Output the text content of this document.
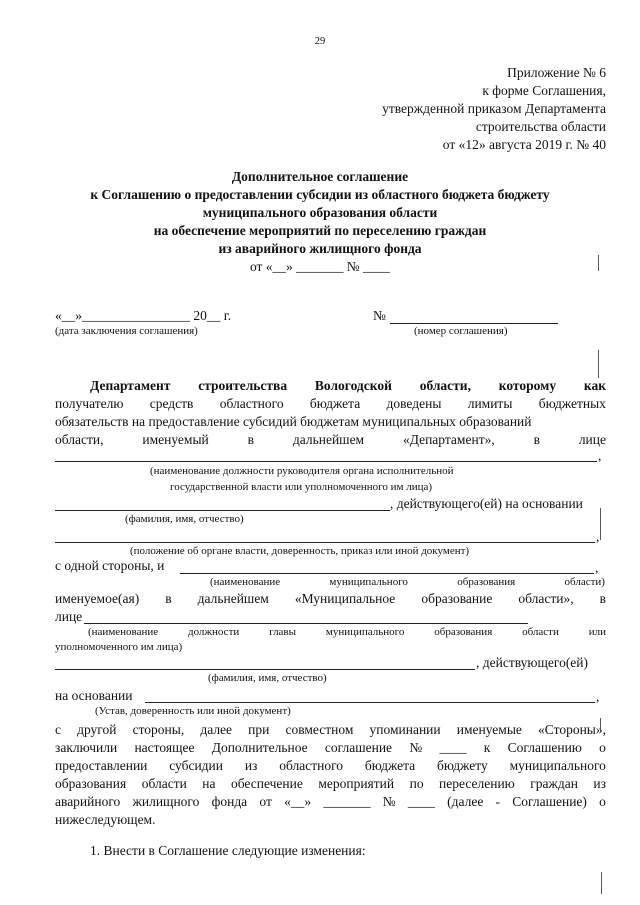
29
Приложение № 6
к форме Соглашения,
утвержденной приказом Департамента
строительства области
от «12» августа 2019 г. № 40
Дополнительное соглашение
к Соглашению о предоставлении субсидии из областного бюджета бюджету
муниципального образования области
на обеспечение мероприятий по переселению граждан
из аварийного жилищного фонда
от «__» _______ № ____
«__»________________ 20__ г.
(дата заключения соглашения)
№
(номер соглашения)
Департамент строительства Вологодской области, которому как
получателю средств областного бюджета доведены лимиты бюджетных
обязательств на предоставление субсидий бюджетам муниципальных образований
области,	именуемый	в	дальнейшем	«Департамент»,	в	лице
,
(наименование должности руководителя органа исполнительной
государственной власти или уполномоченного им лица)
, действующего(ей) на основании
(фамилия, имя, отчество)
,
(положение об органе власти, доверенность, приказ или иной документ)
с одной стороны, и	,
(наименование	муниципального	образования	области)
именуемое(ая) в дальнейшем «Муниципальное образование области», в
лице
(наименование	должности	главы	муниципального	образования	области	или
уполномоченного им лица)
, действующего(ей)
(фамилия, имя, отчество)
на основании	,
(Устав, доверенность или иной документ)
с другой стороны, далее при совместном упоминании именуемые «Стороны»,
заключили настоящее Дополнительное соглашение № ____ к Соглашению о
предоставлении субсидии из областного бюджета бюджету муниципального
образования области на обеспечение мероприятий по переселению граждан из
аварийного жилищного фонда от «__» _______ № ____ (далее - Соглашение) о
нижеследующем.
1. Внести в Соглашение следующие изменения:
